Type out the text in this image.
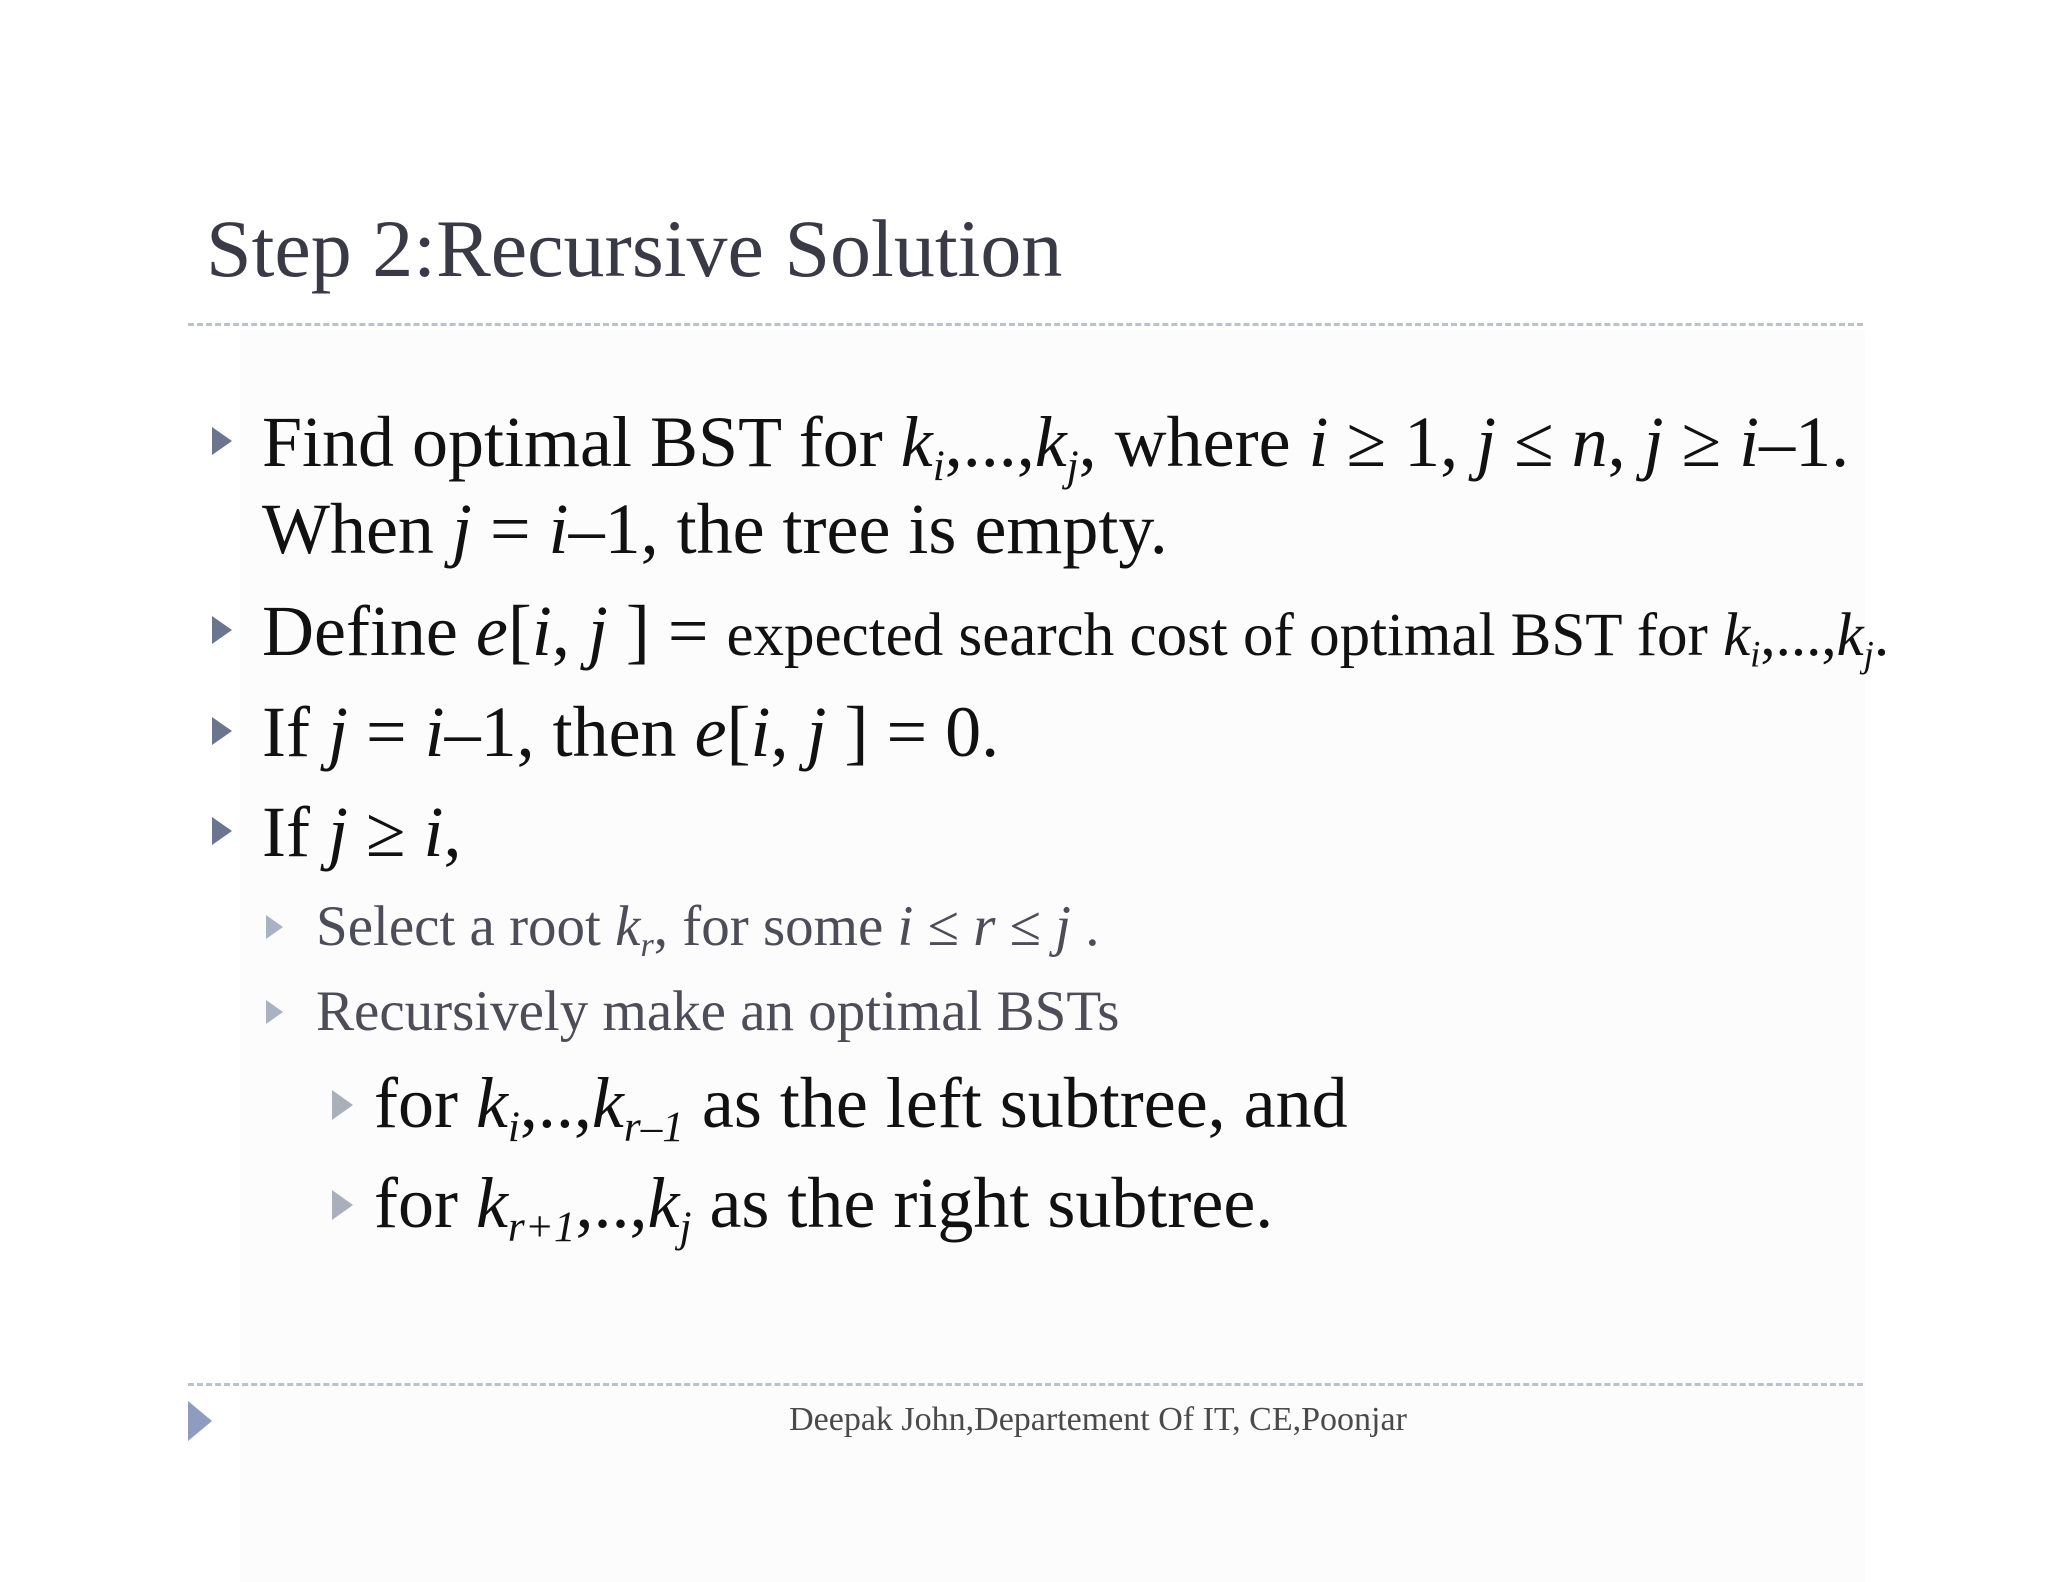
Step 2:Recursive Solution
Find optimal BST for $k_i,...,k_j$, where i ≥ 1, j ≤ n, j ≥ i–1.
When j = i–1, the tree is empty.
Define e[i, j ] = expected search cost of optimal BST for $k_i,...,k_j$.
If j = i–1, then e[i, j ] = 0.
If j ≥ i,
Select a root $k_r$, for some i ≤ r ≤ j .
Recursively make an optimal BSTs
for $k_i,..,k_{r-1}$ as the left subtree, and
for $k_{r+1},..,k_j$ as the right subtree.
Deepak John,Departement Of IT, CE,Poonjar
